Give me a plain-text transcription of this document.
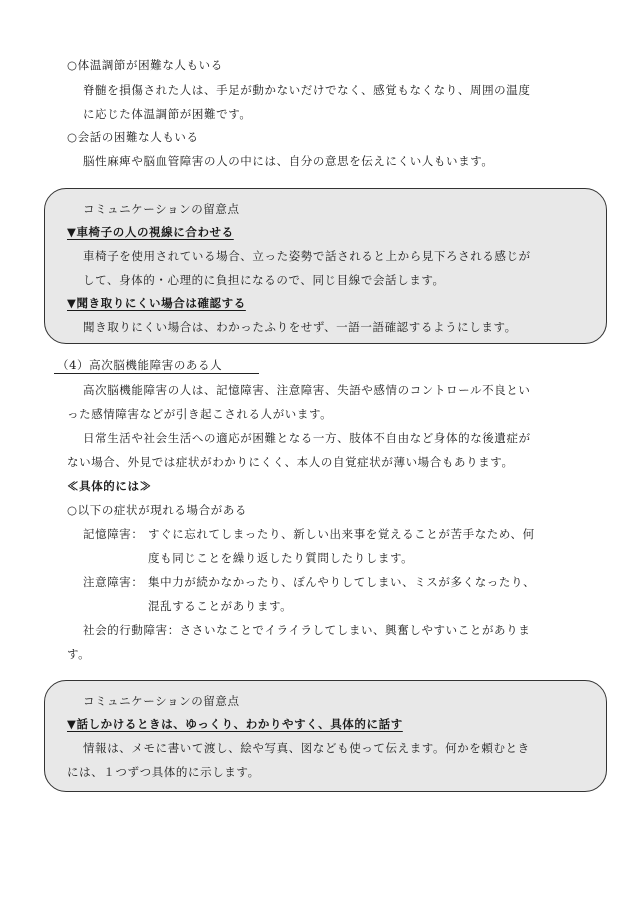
○体温調節が困難な人もいる
脊髄を損傷された人は、手足が動かないだけでなく、感覚もなくなり、周囲の温度
に応じた体温調節が困難です。
○会話の困難な人もいる
脳性麻痺や脳血管障害の人の中には、自分の意思を伝えにくい人もいます。
コミュニケーションの留意点
▼車椅子の人の視線に合わせる
車椅子を使用されている場合、立った姿勢で話されると上から見下ろされる感じが
して、身体的・心理的に負担になるので、同じ目線で会話します。
▼聞き取りにくい場合は確認する
聞き取りにくい場合は、わかったふりをせず、一語一語確認するようにします。
（4）高次脳機能障害のある人
高次脳機能障害の人は、記憶障害、注意障害、失語や感情のコントロール不良とい
った感情障害などが引き起こされる人がいます。
日常生活や社会生活への適応が困難となる一方、肢体不自由など身体的な後遺症が
ない場合、外見では症状がわかりにくく、本人の自覚症状が薄い場合もあります。
≪具体的には≫
○以下の症状が現れる場合がある
記憶障害： すぐに忘れてしまったり、新しい出来事を覚えることが苦手なため、何
度も同じことを繰り返したり質問したりします。
注意障害： 集中力が続かなかったり、ぼんやりしてしまい、ミスが多くなったり、
混乱することがあります。
社会的行動障害：ささいなことでイライラしてしまい、興奮しやすいことがありま
す。
コミュニケーションの留意点
▼話しかけるときは、ゆっくり、わかりやすく、具体的に話す
情報は、メモに書いて渡し、絵や写真、図なども使って伝えます。何かを頼むとき
には、１つずつ具体的に示します。
